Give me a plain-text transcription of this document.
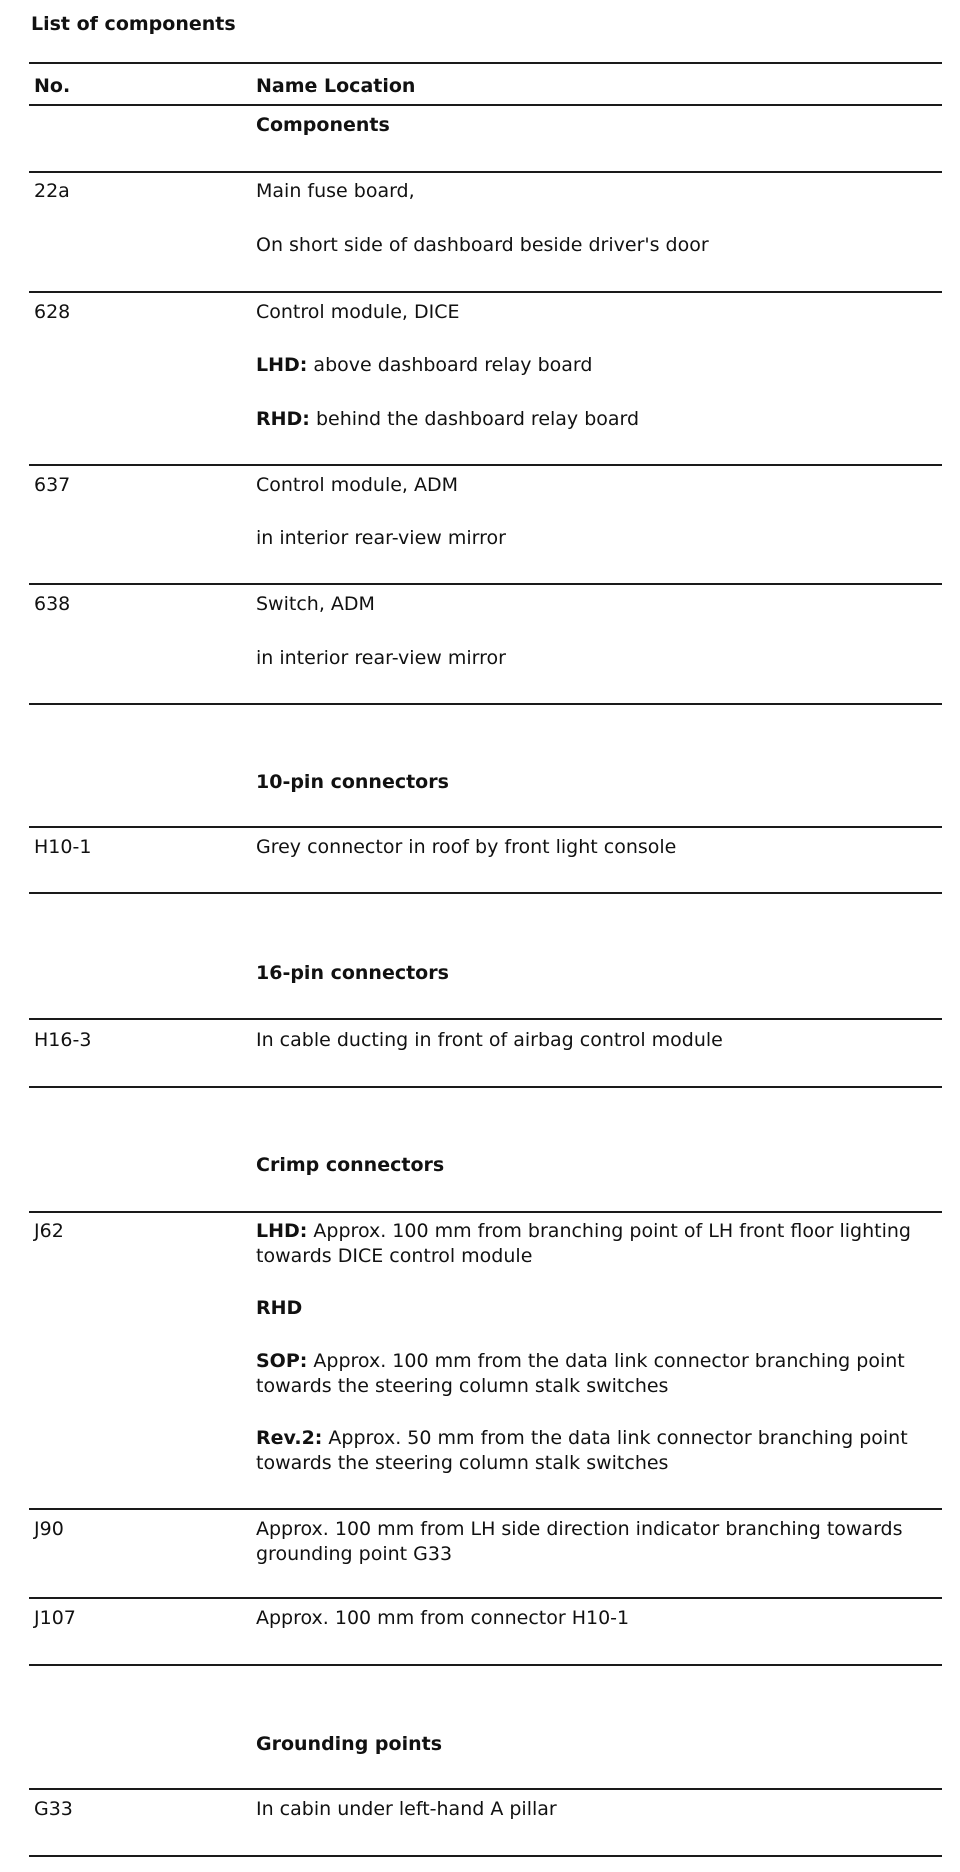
List of components
No.	Name Location
Components
22a	Main fuse board,
On short side of dashboard beside driver's door
628	Control module, DICE
LHD: above dashboard relay board
RHD: behind the dashboard relay board
637	Control module, ADM
in interior rear-view mirror
638	Switch, ADM
in interior rear-view mirror
10-pin connectors
H10-1	Grey connector in roof by front light console
16-pin connectors
H16-3	In cable ducting in front of airbag control module
Crimp connectors
J62	LHD: Approx. 100 mm from branching point of LH front floor lighting towards DICE control module
RHD
SOP: Approx. 100 mm from the data link connector branching point towards the steering column stalk switches
Rev.2: Approx. 50 mm from the data link connector branching point towards the steering column stalk switches
J90	Approx. 100 mm from LH side direction indicator branching towards grounding point G33
J107	Approx. 100 mm from connector H10-1
Grounding points
G33	In cabin under left-hand A pillar
